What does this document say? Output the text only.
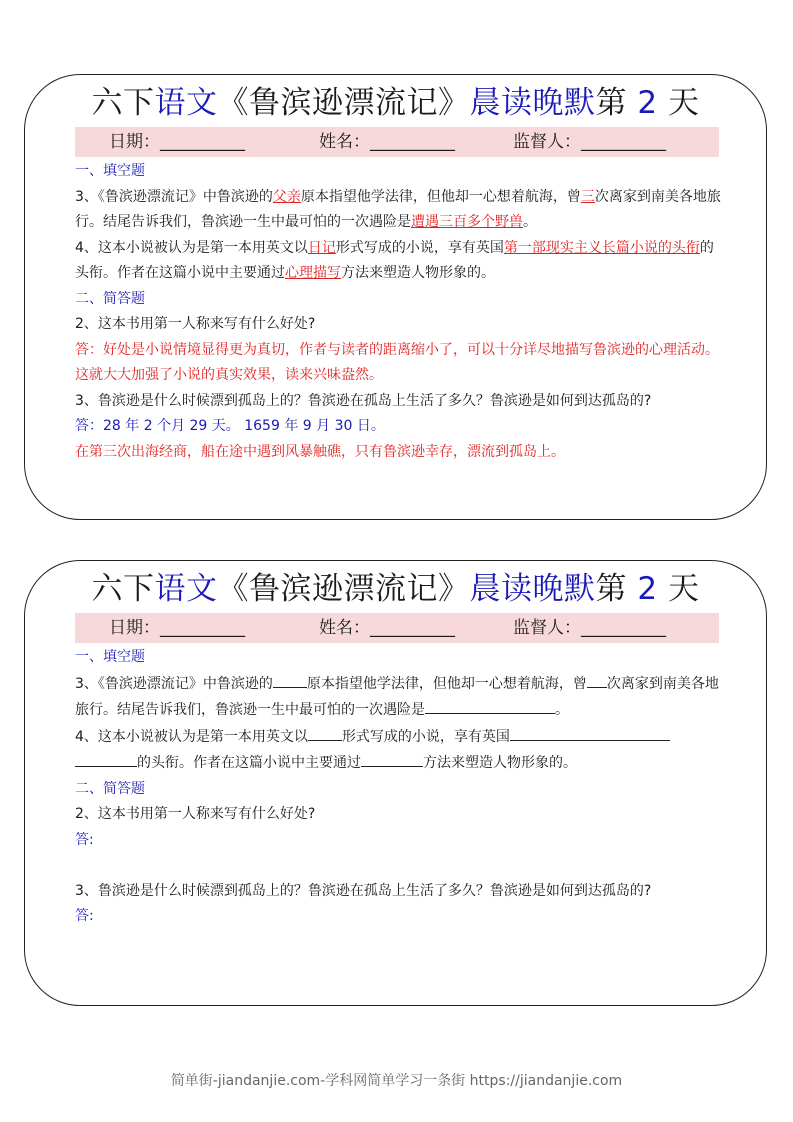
六下语文《鲁滨逊漂流记》晨读晚默第 2 天
日期：__________	姓名：__________	监督人：__________

一、填空题

3、《鲁滨逊漂流记》中鲁滨逊的父亲原本指望他学法律，但他却一心想着航海，曾三次离家到南美各地旅行。结尾告诉我们，鲁滨逊一生中最可怕的一次遇险是遭遇三百多个野兽。

4、这本小说被认为是第一本用英文以日记形式写成的小说，享有英国第一部现实主义长篇小说的头衔的头衔。作者在这篇小说中主要通过心理描写方法来塑造人物形象的。

二、简答题

2、这本书用第一人称来写有什么好处?

答：好处是小说情境显得更为真切，作者与读者的距离缩小了，可以十分详尽地描写鲁滨逊的心理活动。这就大大加强了小说的真实效果，读来兴味盎然。

3、鲁滨逊是什么时候漂到孤岛上的？鲁滨逊在孤岛上生活了多久？鲁滨逊是如何到达孤岛的?

答：28 年 2 个月 29 天。 1659 年 9 月 30 日。

在第三次出海经商，船在途中遇到风暴触礁，只有鲁滨逊幸存，漂流到孤岛上。

六下语文《鲁滨逊漂流记》晨读晚默第 2 天
日期：__________	姓名：__________	监督人：__________

一、填空题

3、《鲁滨逊漂流记》中鲁滨逊的 原本指望他学法律，但他却一心想着航海，曾 次离家到南美各地旅行。结尾告诉我们，鲁滨逊一生中最可怕的一次遇险是	。

4、这本小说被认为是第一本用英文以 形式写成的小说，享有英国的头衔。作者在这篇小说中主要通过	方法来塑造人物形象的。

二、简答题

2、这本书用第一人称来写有什么好处?

答:

3、鲁滨逊是什么时候漂到孤岛上的？鲁滨逊在孤岛上生活了多久？鲁滨逊是如何到达孤岛的?

答:

简单街-jiandanjie.com-学科网简单学习一条街 https://jiandanjie.com
